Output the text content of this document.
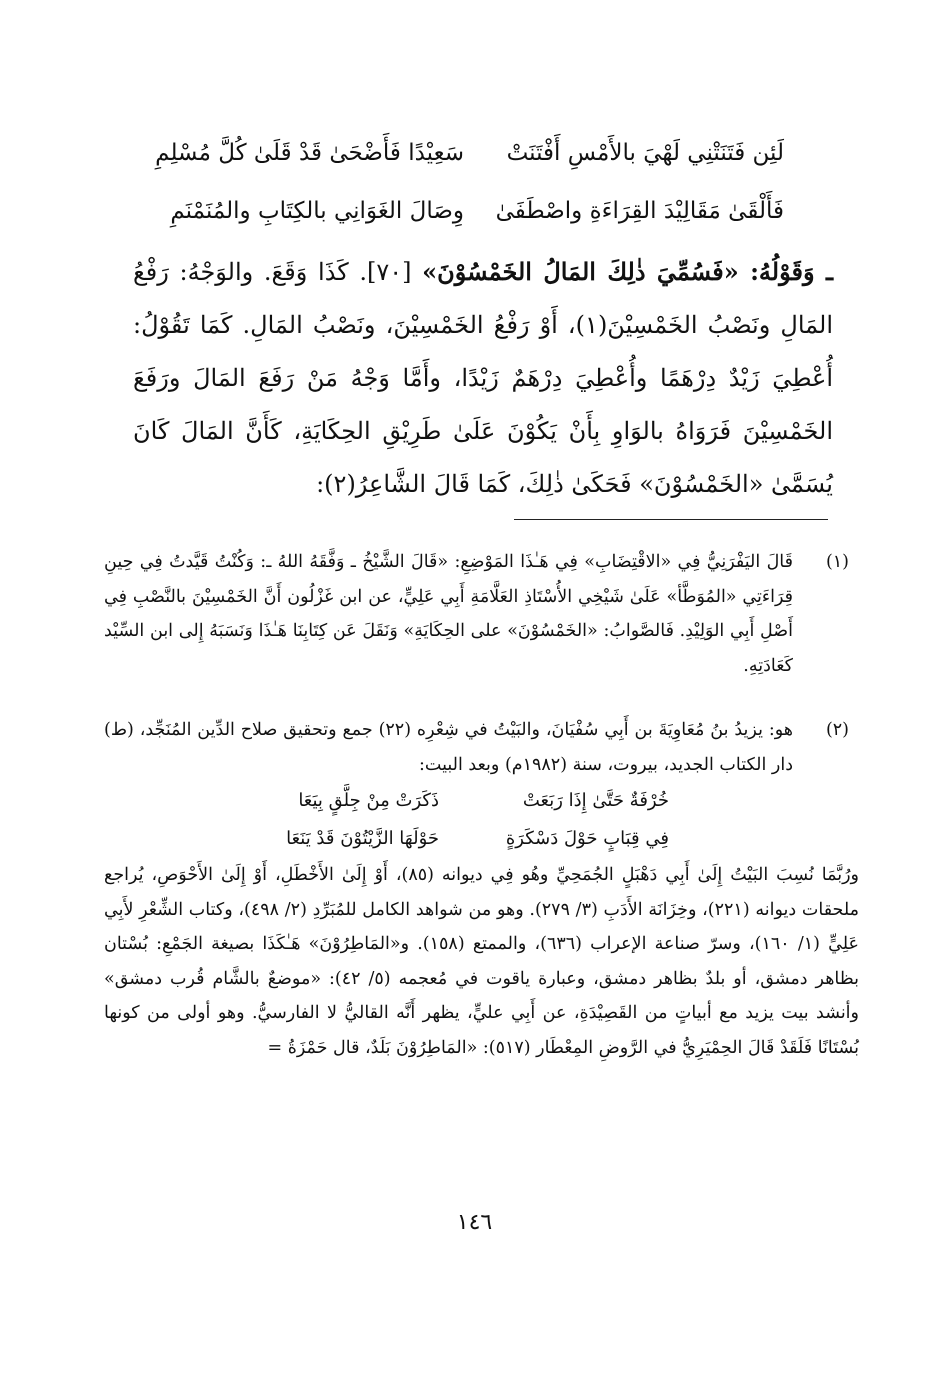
لَئِن فَتَنَتْنِي لَهْيَ بالأَمْسِ أَفْتَنَتْ
سَعِيْدًا فَأَضْحَىٰ قَدْ قَلَىٰ كُلَّ مُسْلِمِ
فَأَلْقَىٰ مَقَالِيْدَ القِرَاءَةِ واصْطَفَىٰ
وِصَالَ الغَوَانِي بالكِتَابِ والمُنَمْنَمِ
ـ وَقَوْلُهُ: «فَسُمِّيَ ذٰلِكَ المَالُ الخَمْسُوْنَ» [٧٠]. كَذَا وَقَعَ. والوَجْهُ: رَفْعُ المَالِ ونَصْبُ الخَمْسِيْنَ(١)، أَوْ رَفْعُ الخَمْسِيْنَ، ونَصْبُ المَالِ. كَمَا تَقُوْلُ: أُعْطِيَ زَيْدٌ دِرْهَمًا وأُعْطِيَ دِرْهَمٌ زَيْدًا، وأَمَّا وَجْهُ مَنْ رَفَعَ المَالَ ورَفَعَ الخَمْسِيْنَ فَرَوَاهُ بالوَاوِ بِأَنْ يَكُوْنَ عَلَىٰ طَرِيْقِ الحِكَايَةِ، كَأَنَّ المَالَ كَانَ يُسَمَّىٰ «الخَمْسُوْنَ» فَحَكَىٰ ذٰلِكَ، كَمَا قَالَ الشَّاعِرُ(٢):
(١)
قَالَ اليَفْرَنِيُّ فِي «الاقْتِضَابِ» فِي هَـٰذَا المَوْضِعِ: «قَالَ الشَّيْخُ ـ وَفَّقَهُ اللهُ ـ: وَكُنْتُ قَيَّدتُ فِي حِينِ قِرَاءَتِي «المُوَطَّأ» عَلَىٰ شَيْخِي الأُسْتَاذِ العَلَّامَةِ أَبِي عَلِيٍّ، عن ابن غَزْلُون أَنَّ الخَمْسِيْنَ بالنَّصْبِ فِي أَصْلِ أَبِي الوَلِيْدِ. فَالصَّوابُ: «الخَمْسُوْنَ» على الحِكَايَةِ» وَنَقَلَ عَن كِتَابِنَا هَـٰذَا وَنَسَبَهُ إِلى ابن السِّيْد كَعَادَتِهِ.
(٢)
هو: يزيدُ بنُ مُعَاوِيَةَ بن أَبِي سُفْيَانَ، والبَيْتُ في شِعْرِه (٢٢) جمع وتحقيق صلاح الدِّين المُنَجِّد، (ط) دار الكتاب الجديد، بيروت، سنة (١٩٨٢م) وبعد البيت:
خُرْفَةٌ حَتَّىٰ إِذَا رَبَعَتْ
ذَكَرَتْ مِنْ جِلَّقٍ بِيَعَا
فِي قِبَابٍ حَوْلَ دَسْكَرَةٍ
حَوْلَهَا الزَّيْتُوْنَ قَدْ يَنَعَا
ورُبَّمَا نُسِبَ البَيْتُ إِلَىٰ أَبِي دَهْبَلٍ الجُمَحِيِّ وهُو فِي ديوانه (٨٥)، أَوْ إِلَىٰ الأَخْطَلِ، أَوْ إِلَىٰ الأَحْوَصِ، يُراجع ملحقات ديوانه (٢٢١)، وخِزَانَة الأَدَبِ (٣/ ٢٧٩). وهو من شواهد الكامل للمُبَرِّدِ (٢/ ٤٩٨)، وكتاب الشِّعْرِ لأَبِي عَلِيٍّ (١/ ١٦٠)، وسرّ صناعة الإعراب (٦٣٦)، والممتع (١٥٨). و«المَاطِرُوْنَ» هَـٰكَذَا بصيغة الجَمْعِ: بُسْتان بظاهر دمشق، أو بلدٌ بظاهر دمشق، وعبارة ياقوت في مُعجمه (٥/ ٤٢): «موضعٌ بالشَّام قُرب دمشق» وأنشد بيت يزيد مع أبياتٍ من القَصِيْدَةِ، عن أَبِي عليٍّ، يظهر أَنَّه القاليُّ لا الفارسيُّ. وهو أولى من كونها بُسْتَانًا فَلَقَدْ قَالَ الحِمْيَرِيُّ في الرَّوضِ المِعْطَار (٥١٧): «المَاطِرُوْنَ بَلَدٌ، قال حَمْزَةُ =
١٤٦
